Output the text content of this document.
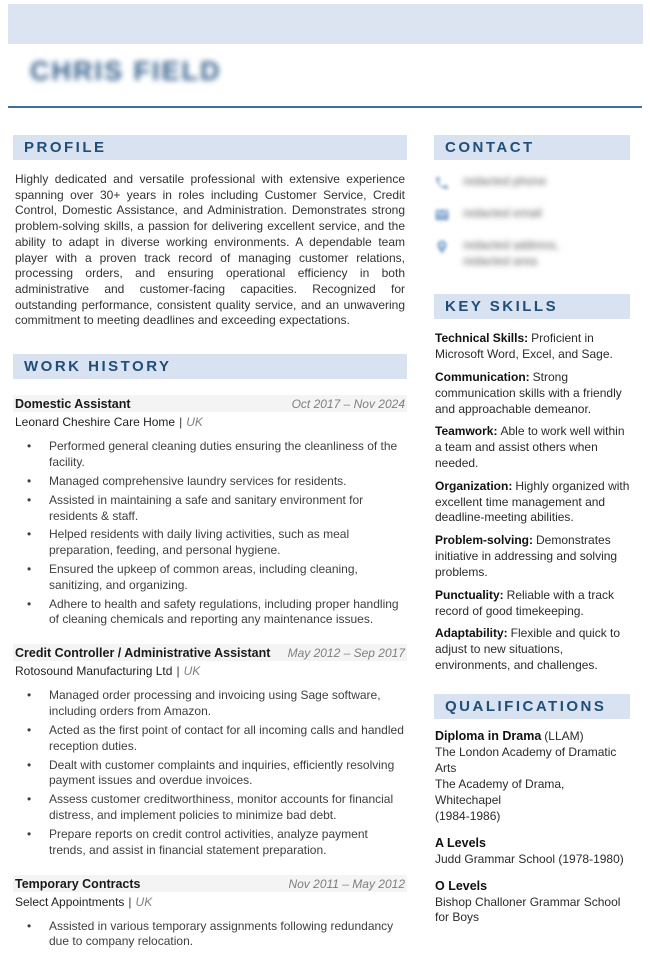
CHRIS FIELD
PROFILE

Highly dedicated and versatile professional with extensive experience spanning over 30+ years in roles including Customer Service, Credit Control, Domestic Assistance, and Administration. Demonstrates strong problem-solving skills, a passion for delivering excellent service, and the ability to adapt in diverse working environments. A dependable team player with a proven track record of managing customer relations, processing orders, and ensuring operational efficiency in both administrative and customer-facing capacities. Recognized for outstanding performance, consistent quality service, and an unwavering commitment to meeting deadlines and exceeding expectations.

WORK HISTORY
Domestic Assistant	Oct 2017 – Nov 2024
Leonard Cheshire Care Home | UK
•	Performed general cleaning duties ensuring the cleanliness of the facility.
•	Managed comprehensive laundry services for residents.
•	Assisted in maintaining a safe and sanitary environment for residents & staff.
•	Helped residents with daily living activities, such as meal preparation, feeding, and personal hygiene.
•	Ensured the upkeep of common areas, including cleaning, sanitizing, and organizing.
•	Adhere to health and safety regulations, including proper handling of cleaning chemicals and reporting any maintenance issues.
Credit Controller / Administrative Assistant May 2012 – Sep 2017
Rotosound Manufacturing Ltd | UK
•	Managed order processing and invoicing using Sage software, including orders from Amazon.
•	Acted as the first point of contact for all incoming calls and handled reception duties.
•	Dealt with customer complaints and inquiries, efficiently resolving payment issues and overdue invoices.
•	Assess customer creditworthiness, monitor accounts for financial distress, and implement policies to minimize bad debt.
•	Prepare reports on credit control activities, analyze payment trends, and assist in financial statement preparation.
Temporary Contracts	Nov 2011 – May 2012
Select Appointments | UK
•	Assisted in various temporary assignments following redundancy due to company relocation.
CONTACT
redacted phone
redacted email
redacted address, redacted area
KEY SKILLS

Technical Skills: Proficient in Microsoft Word, Excel, and Sage.

Communication: Strong communication skills with a friendly and approachable demeanor.

Teamwork: Able to work well within a team and assist others when needed.

Organization: Highly organized with excellent time management and deadline-meeting abilities.

Problem-solving: Demonstrates initiative in addressing and solving problems.

Punctuality: Reliable with a track record of good timekeeping.

Adaptability: Flexible and quick to adjust to new situations, environments, and challenges.

QUALIFICATIONS
Diploma in Drama (LLAM)
The London Academy of Dramatic Arts
The Academy of Drama, Whitechapel
(1984-1986)
A Levels
Judd Grammar School (1978-1980)
O Levels
Bishop Challoner Grammar School for Boys
